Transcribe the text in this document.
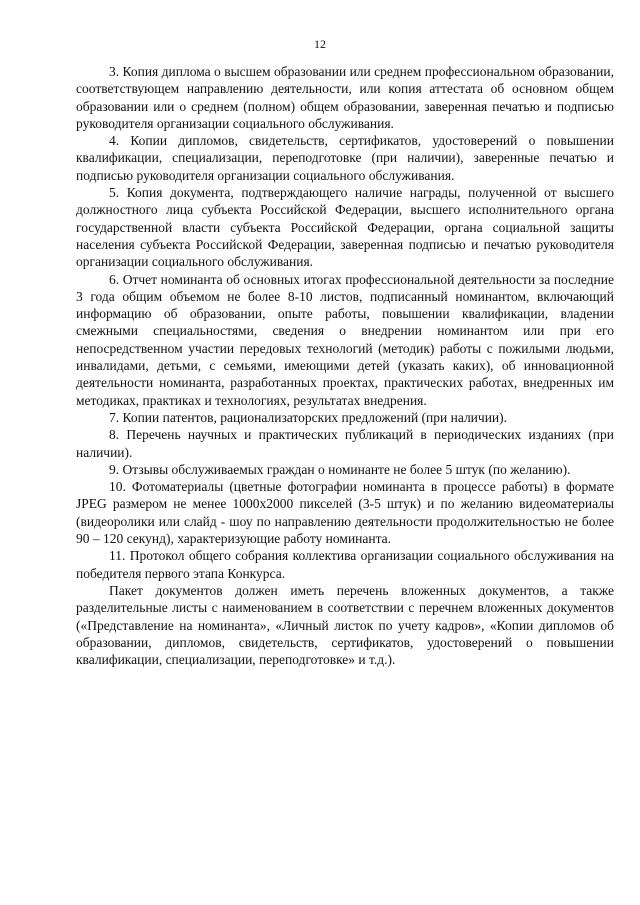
12

3. Копия диплома о высшем образовании или среднем профессиональном образовании, соответствующем направлению деятельности, или копия аттестата об основном общем образовании или о среднем (полном) общем образовании, заверенная печатью и подписью руководителя организации социального обслуживания.

4. Копии дипломов, свидетельств, сертификатов, удостоверений о повышении квалификации, специализации, переподготовке (при наличии), заверенные печатью и подписью руководителя организации социального обслуживания.

5. Копия документа, подтверждающего наличие награды, полученной от высшего должностного лица субъекта Российской Федерации, высшего исполнительного органа государственной власти субъекта Российской Федерации, органа социальной защиты населения субъекта Российской Федерации, заверенная подписью и печатью руководителя организации социального обслуживания.

6. Отчет номинанта об основных итогах профессиональной деятельности за последние 3 года общим объемом не более 8-10 листов, подписанный номинантом, включающий информацию об образовании, опыте работы, повышении квалификации, владении смежными специальностями, сведения о внедрении номинантом или при его непосредственном участии передовых технологий (методик) работы с пожилыми людьми, инвалидами, детьми, с семьями, имеющими детей (указать каких), об инновационной деятельности номинанта, разработанных проектах, практических работах, внедренных им методиках, практиках и технологиях, результатах внедрения.

7. Копии патентов, рационализаторских предложений (при наличии).

8. Перечень научных и практических публикаций в периодических изданиях (при наличии).

9. Отзывы обслуживаемых граждан о номинанте не более 5 штук (по желанию).

10. Фотоматериалы (цветные фотографии номинанта в процессе работы) в формате JPEG размером не менее 1000х2000 пикселей (3-5 штук) и по желанию видеоматериалы (видеоролики или слайд - шоу по направлению деятельности продолжительностью не более 90 – 120 секунд), характеризующие работу номинанта.

11. Протокол общего собрания коллектива организации социального обслуживания на победителя первого этапа Конкурса.

Пакет документов должен иметь перечень вложенных документов, а также разделительные листы с наименованием в соответствии с перечнем вложенных документов («Представление на номинанта», «Личный листок по учету кадров», «Копии дипломов об образовании, дипломов, свидетельств, сертификатов, удостоверений о повышении квалификации, специализации, переподготовке» и т.д.).
